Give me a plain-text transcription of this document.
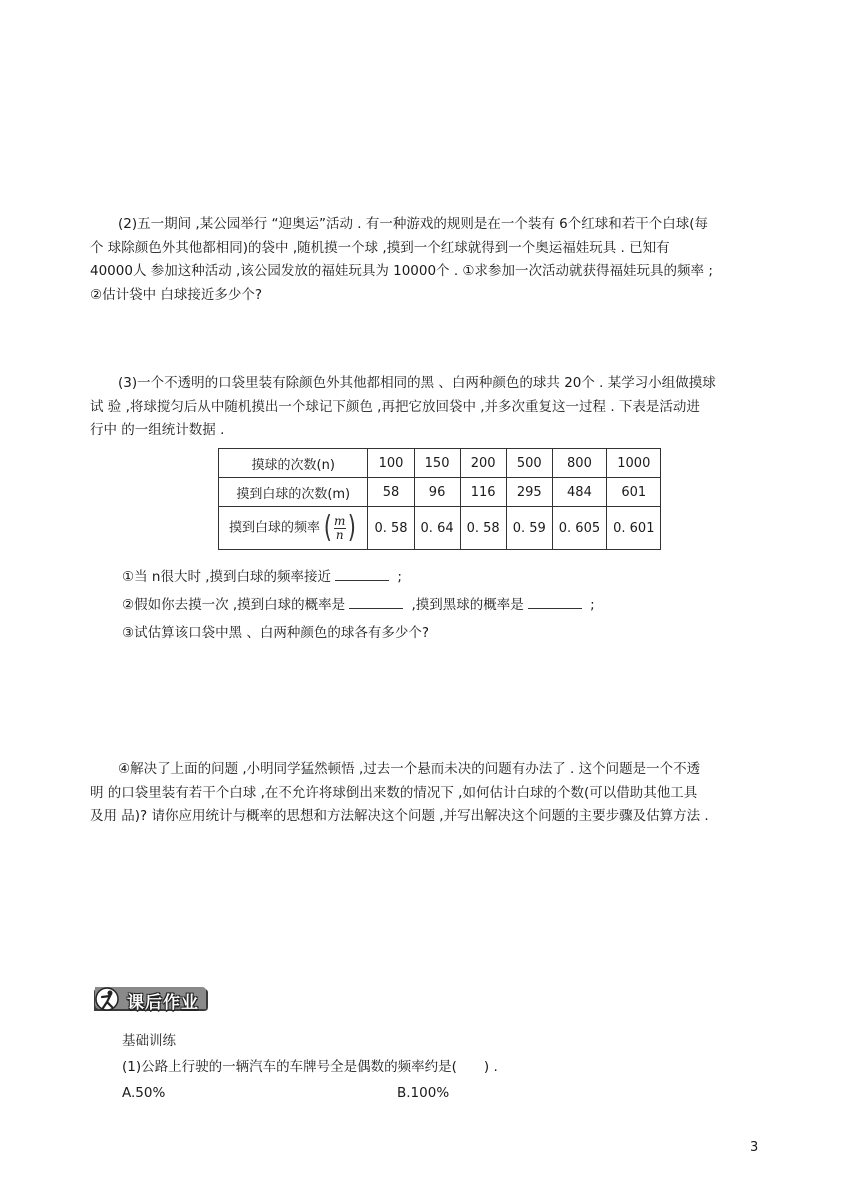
(2)五一期间 ,某公园举行 “迎奥运”活动 . 有一种游戏的规则是在一个装有 6个红球和若干个白球(每

个 球除颜色外其他都相同)的袋中 ,随机摸一个球 ,摸到一个红球就得到一个奥运福娃玩具 . 已知有

40000人 参加这种活动 ,该公园发放的福娃玩具为 10000个 . ①求参加一次活动就获得福娃玩具的频率 ;

②估计袋中 白球接近多少个?

(3)一个不透明的口袋里装有除颜色外其他都相同的黑 、白两种颜色的球共 20个 . 某学习小组做摸球

试 验 ,将球搅匀后从中随机摸出一个球记下颜色 ,再把它放回袋中 ,并多次重复这一过程 . 下表是活动进

行中 的一组统计数据 .

摸球的次数(n)	100	150	200	500	800	1000
摸到白球的次数(m)	58	96	116	295	484	601
摸到白球的频率 ( m
n )	0. 58	0. 64	0. 58	0. 59	0. 605	0. 601

①当 n很大时 ,摸到白球的频率接近	;

②假如你去摸一次 ,摸到白球的概率是	,摸到黑球的概率是	;

③试估算该口袋中黑 、白两种颜色的球各有多少个?

④解决了上面的问题 ,小明同学猛然顿悟 ,过去一个悬而未决的问题有办法了 . 这个问题是一个不透

明 的口袋里装有若干个白球 ,在不允许将球倒出来数的情况下 ,如何估计白球的个数(可以借助其他工具

及用 品)? 请你应用统计与概率的思想和方法解决这个问题 ,并写出解决这个问题的主要步骤及估算方法 .

课后作业

基础训练

(1)公路上行驶的一辆汽车的车牌号全是偶数的频率约是(　　) .

A.50%	B.100%
3
